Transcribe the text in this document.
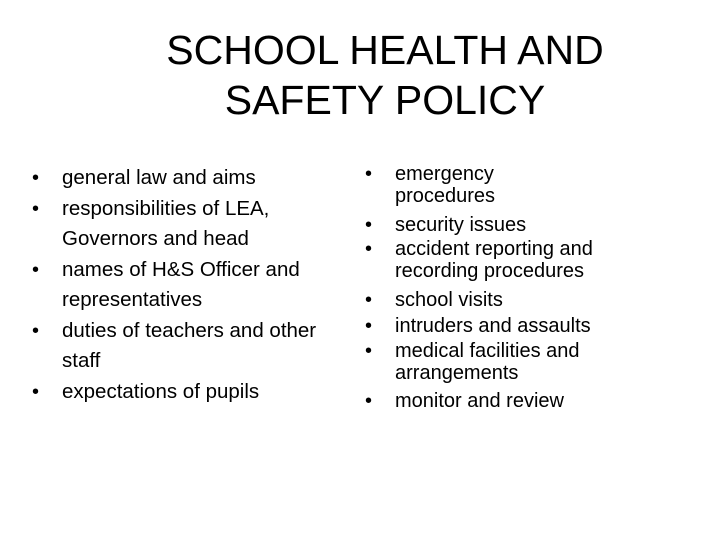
SCHOOL HEALTH AND
SAFETY POLICY
• general law and aims
• responsibilities of LEA, Governors and head
• names of H&S Officer and representatives
• duties of teachers and other staff
• expectations of pupils
• emergency procedures
• security issues
• accident reporting and recording procedures
• school visits
• intruders and assaults
• medical facilities and arrangements
• monitor and review
